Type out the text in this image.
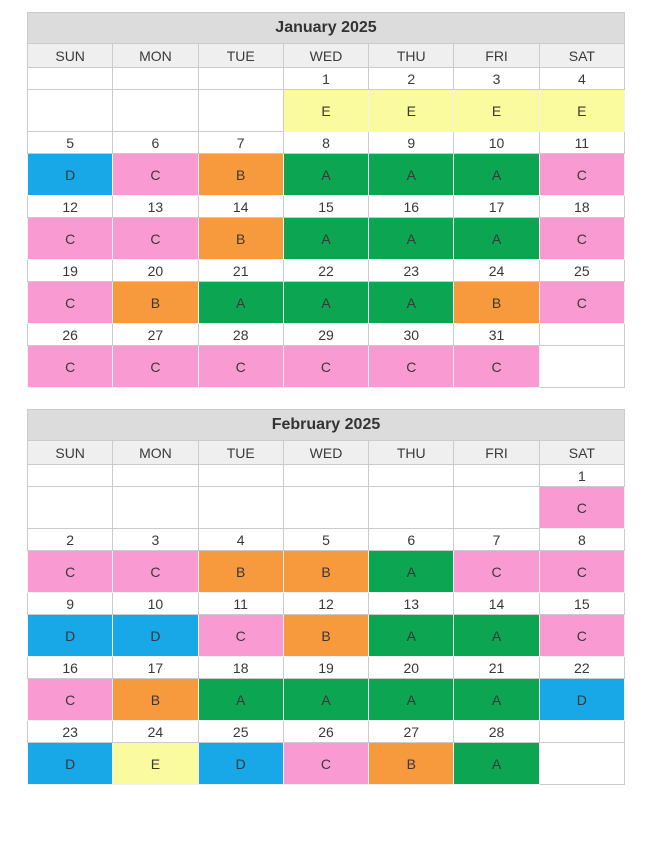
January 2025						
SUN	MON	TUE	WED	THU	FRI	SAT
			1	2	3	4
			E	E	E	E
5	6	7	8	9	10	11
D	C	B	A	A	A	C
12	13	14	15	16	17	18
C	C	B	A	A	A	C
19	20	21	22	23	24	25
C	B	A	A	A	B	C
26	27	28	29	30	31	
C	C	C	C	C	C	
February 2025						
SUN	MON	TUE	WED	THU	FRI	SAT
						1
						C
2	3	4	5	6	7	8
C	C	B	B	A	C	C
9	10	11	12	13	14	15
D	D	C	B	A	A	C
16	17	18	19	20	21	22
C	B	A	A	A	A	D
23	24	25	26	27	28	
D	E	D	C	B	A	
